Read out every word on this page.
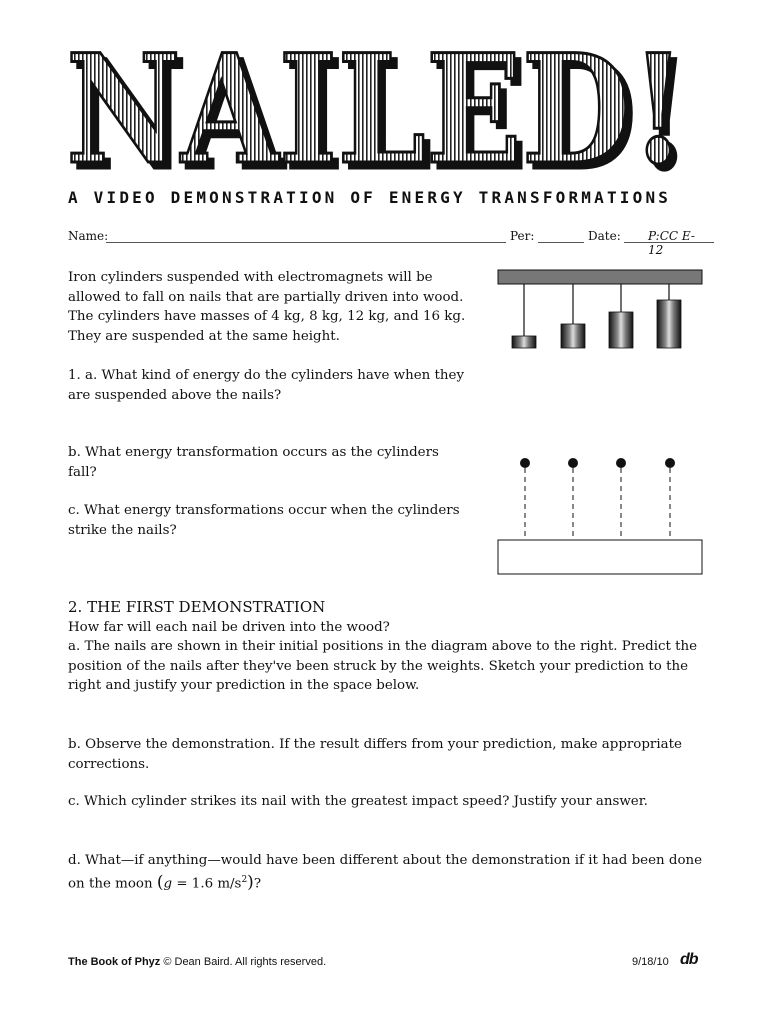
NAILED!
NAILED!
A VIDEO DEMONSTRATION OF ENERGY TRANSFORMATIONS
Name:	Per:	Date: P:CC E-12
Iron cylinders suspended with electromagnets will be allowed to fall on nails that are partially driven into wood. The cylinders have masses of 4 kg, 8 kg, 12 kg, and 16 kg. They are suspended at the same height.
1. a. What kind of energy do the cylinders have when they are suspended above the nails?
b. What energy transformation occurs as the cylinders fall?
c. What energy transformations occur when the cylinders strike the nails?
2. THE FIRST DEMONSTRATION
How far will each nail be driven into the wood?
a. The nails are shown in their initial positions in the diagram above to the right. Predict the position of the nails after they've been struck by the weights. Sketch your prediction to the right and justify your prediction in the space below.
b. Observe the demonstration. If the result differs from your prediction, make appropriate corrections.
c. Which cylinder strikes its nail with the greatest impact speed? Justify your answer.
d. What—if anything—would have been different about the demonstration if it had been done on the moon (g = 1.6 $m/s^2$)?
The Book of Phyz © Dean Baird. All rights reserved.	9/18/10 db
